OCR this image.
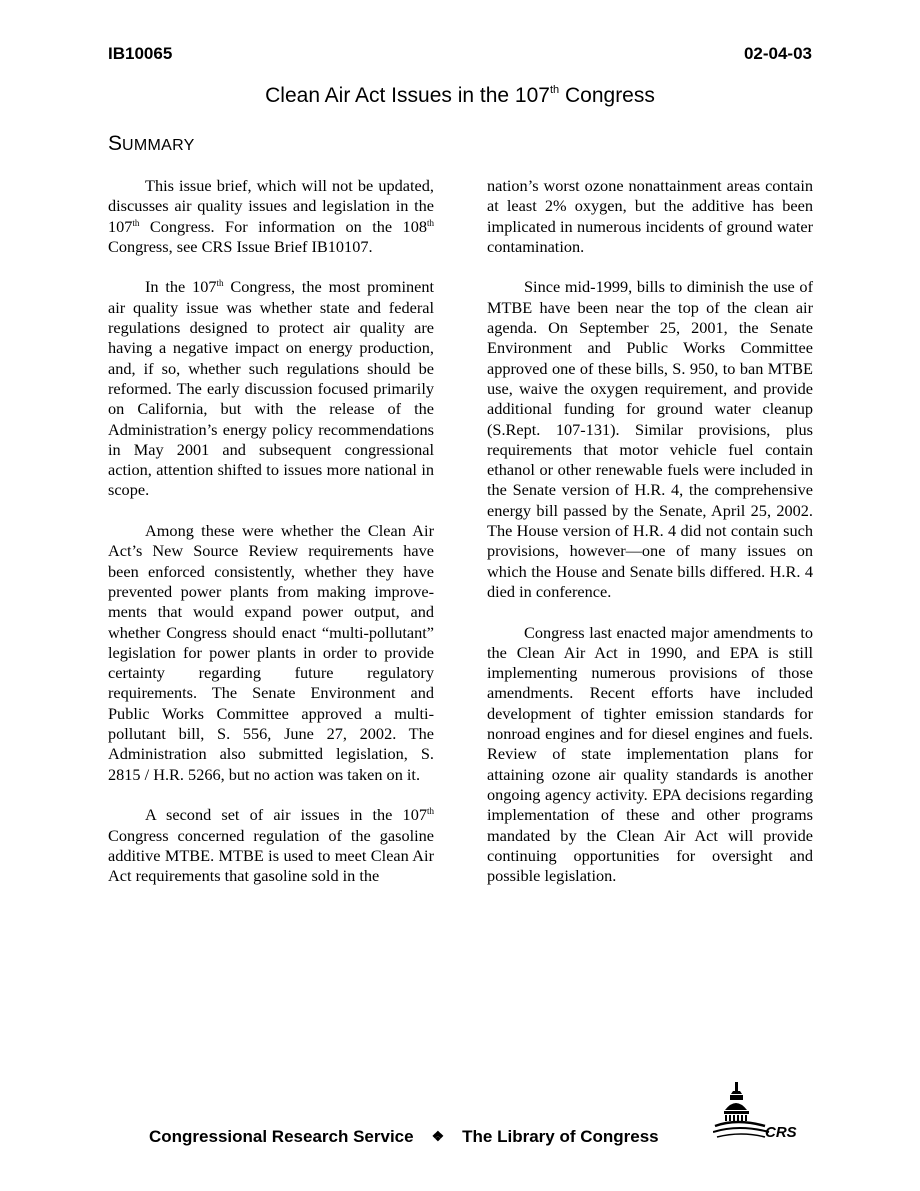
IB10065	02-04-03
Clean Air Act Issues in the 107th Congress
SUMMARY

This issue brief, which will not be updated, discusses air quality issues and legislation in the 107th Congress. For information on the 108th Congress, see CRS Issue Brief IB10107.

In the 107th Congress, the most prominent air quality issue was whether state and federal regulations designed to protect air quality are having a negative impact on energy production, and, if so, whether such regulations should be reformed. The early discussion focused primarily on California, but with the release of the Administration’s energy policy recommendations in May 2001 and subsequent congressional action, attention shifted to issues more national in scope.

Among these were whether the Clean Air Act’s New Source Review requirements have been enforced consistently, whether they have prevented power plants from making improvements that would expand power output, and whether Congress should enact “multi-pollutant” legislation for power plants in order to provide certainty regarding future regulatory requirements. The Senate Environment and Public Works Committee approved a multi-pollutant bill, S. 556, June 27, 2002. The Administration also submitted legislation, S. 2815 / H.R. 5266, but no action was taken on it.

A second set of air issues in the 107th Congress concerned regulation of the gasoline additive MTBE. MTBE is used to meet Clean Air Act requirements that gasoline sold in the

nation’s worst ozone nonattainment areas contain at least 2% oxygen, but the additive has been implicated in numerous incidents of ground water contamination.

Since mid-1999, bills to diminish the use of MTBE have been near the top of the clean air agenda. On September 25, 2001, the Senate Environment and Public Works Committee approved one of these bills, S. 950, to ban MTBE use, waive the oxygen requirement, and provide additional funding for ground water cleanup (S.Rept. 107-131). Similar provisions, plus requirements that motor vehicle fuel contain ethanol or other renewable fuels were included in the Senate version of H.R. 4, the comprehensive energy bill passed by the Senate, April 25, 2002. The House version of H.R. 4 did not contain such provisions, however—one of many issues on which the House and Senate bills differed. H.R. 4 died in conference.

Congress last enacted major amendments to the Clean Air Act in 1990, and EPA is still implementing numerous provisions of those amendments. Recent efforts have included development of tighter emission standards for nonroad engines and for diesel engines and fuels. Review of state implementation plans for attaining ozone air quality standards is another ongoing agency activity. EPA decisions regarding implementation of these and other programs mandated by the Clean Air Act will provide continuing opportunities for oversight and possible legislation.

Congressional Research Service ❖ The Library of Congress	CRS
